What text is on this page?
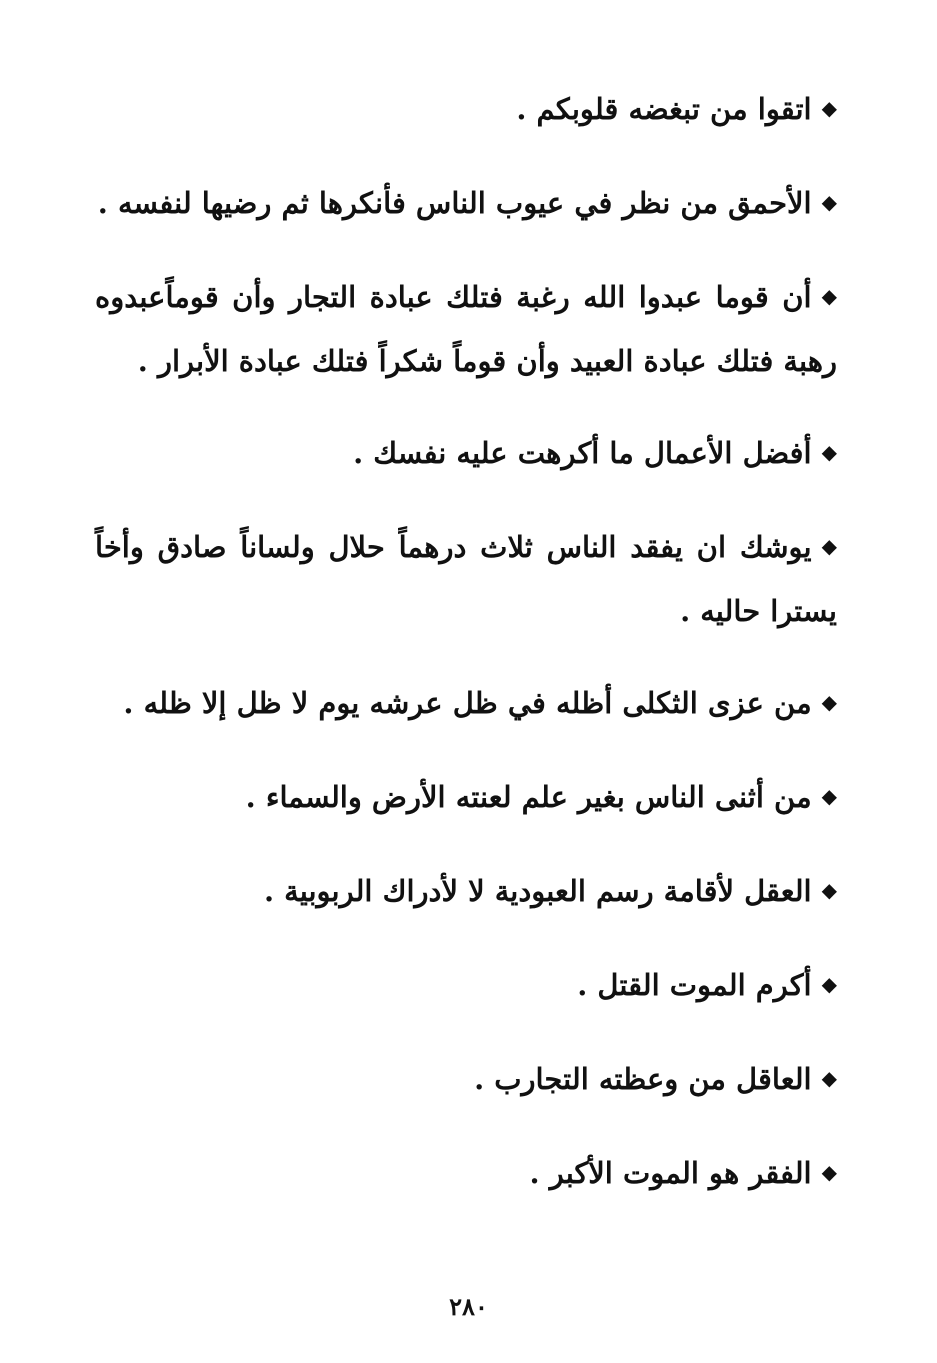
◆اتقوا من تبغضه قلوبكم .
◆الأحمق من نظر في عيوب الناس فأنكرها ثم رضيها لنفسه .
◆أن قوما عبدوا الله رغبة فتلك عبادة التجار وأن قوماًعبدوه رهبة فتلك عبادة العبيد وأن قوماً شكراً فتلك عبادة الأبرار .
◆أفضل الأعمال ما أكرهت عليه نفسك .
◆يوشك ان يفقد الناس ثلاث درهماً حلال ولساناً صادق وأخاً يسترا حاليه .
◆من عزى الثكلى أظله في ظل عرشه يوم لا ظل إلا ظله .
◆من أثنى الناس بغير علم لعنته الأرض والسماء .
◆العقل لأقامة رسم العبودية لا لأدراك الربوبية .
◆أكرم الموت القتل .
◆العاقل من وعظته التجارب .
◆الفقر هو الموت الأكبر .
٢٨٠
